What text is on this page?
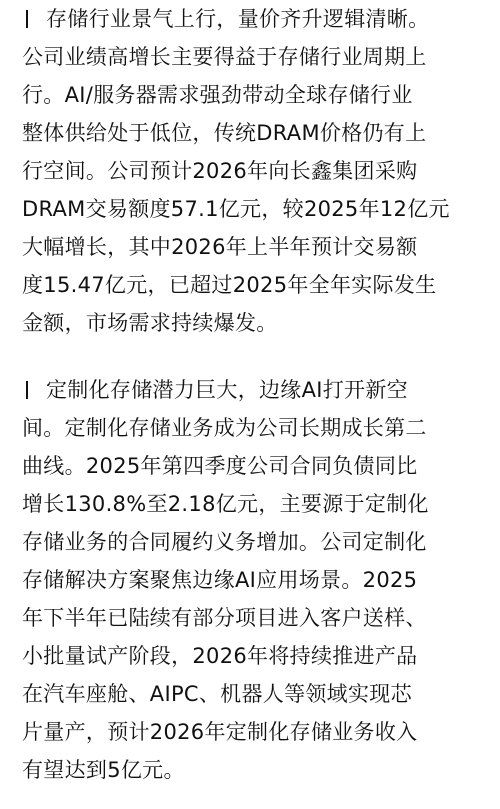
存储行业景气上行，量价齐升逻辑清晰。
公司业绩高增长主要得益于存储行业周期上
行。AI/服务器需求强劲带动全球存储行业
整体供给处于低位，传统DRAM价格仍有上
行空间。公司预计2026年向长鑫集团采购
DRAM交易额度57.1亿元，较2025年12亿元
大幅增长，其中2026年上半年预计交易额
度15.47亿元，已超过2025年全年实际发生
金额，市场需求持续爆发。
定制化存储潜力巨大，边缘AI打开新空
间。定制化存储业务成为公司长期成长第二
曲线。2025年第四季度公司合同负债同比
增长130.8%至2.18亿元，主要源于定制化
存储业务的合同履约义务增加。公司定制化
存储解决方案聚焦边缘AI应用场景。2025
年下半年已陆续有部分项目进入客户送样、
小批量试产阶段，2026年将持续推进产品
在汽车座舱、AIPC、机器人等领域实现芯
片量产，预计2026年定制化存储业务收入
有望达到5亿元。
